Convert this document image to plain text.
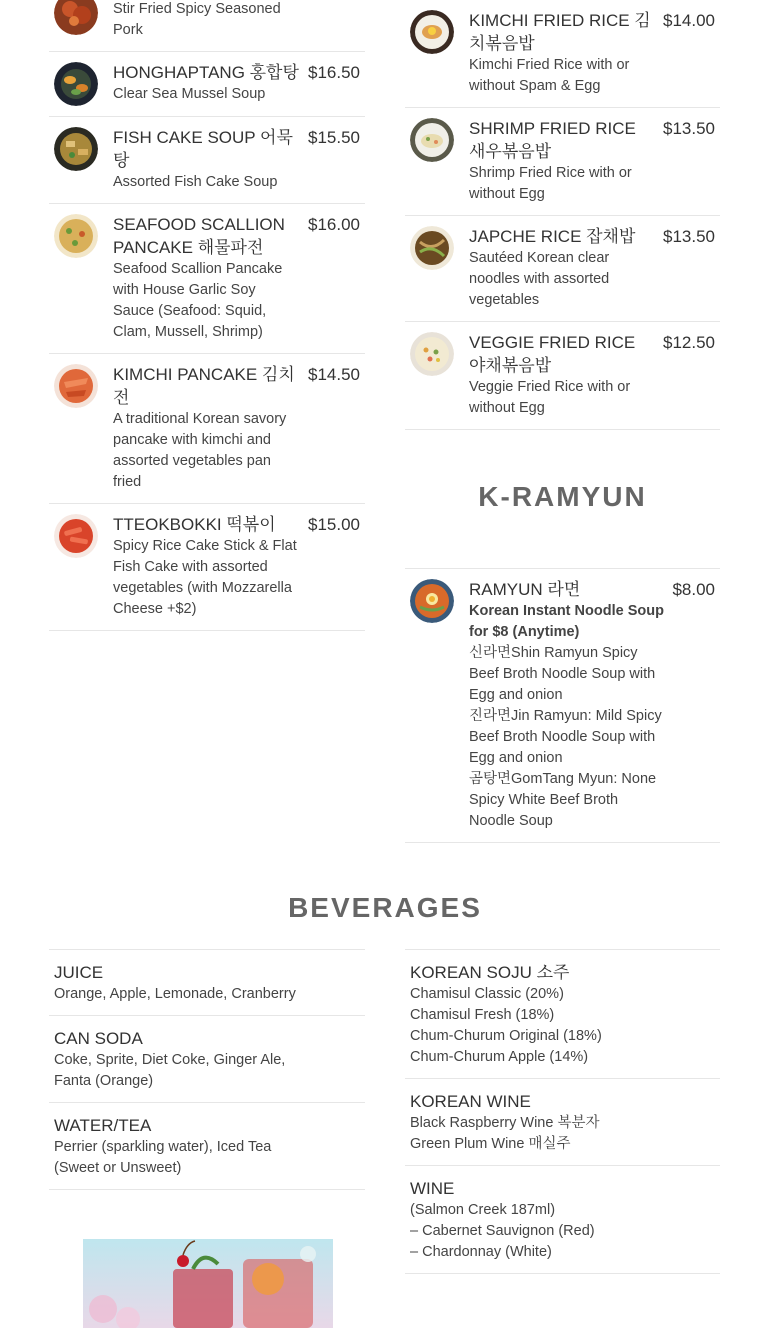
Stir Fried Spicy Seasoned
Pork
HONGHAPTANG 홍합탕
Clear Sea Mussel Soup
$16.50
FISH CAKE SOUP 어묵탕
Assorted Fish Cake Soup
$15.50
SEAFOOD SCALLION PANCAKE 해물파전
Seafood Scallion Pancake with House Garlic Soy Sauce (Seafood: Squid, Clam, Mussell, Shrimp)
$16.00
KIMCHI PANCAKE 김치전
A traditional Korean savory pancake with kimchi and assorted vegetables pan fried
$14.50
TTEOKBOKKI 떡볶이
Spicy Rice Cake Stick & Flat Fish Cake with assorted vegetables (with Mozzarella Cheese +$2)
$15.00
KIMCHI FRIED RICE 김치볶음밥
Kimchi Fried Rice with or without Spam & Egg
$14.00
SHRIMP FRIED RICE 새우볶음밥
Shrimp Fried Rice with or without Egg
$13.50
JAPCHE RICE 잡채밥
Sautéed Korean clear noodles with assorted vegetables
$13.50
VEGGIE FRIED RICE 야채볶음밥
Veggie Fried Rice with or without Egg
$12.50
K-RAMYUN
RAMYUN 라면
Korean Instant Noodle Soup for $8 (Anytime)
신라면Shin Ramyun Spicy Beef Broth Noodle Soup with Egg and onion
진라면Jin Ramyun: Mild Spicy Beef Broth Noodle Soup with Egg and onion
곰탕면GomTang Myun: None Spicy White Beef Broth Noodle Soup
$8.00
BEVERAGES
JUICE
Orange, Apple, Lemonade, Cranberry
CAN SODA
Coke, Sprite, Diet Coke, Ginger Ale,
Fanta (Orange)
WATER/TEA
Perrier (sparkling water), Iced Tea
(Sweet or Unsweet)
KOREAN SOJU 소주
Chamisul Classic (20%)
Chamisul Fresh (18%)
Chum-Churum Original (18%)
Chum-Churum Apple (14%)
KOREAN WINE
Black Raspberry Wine 복분자
Green Plum Wine 매실주
WINE
(Salmon Creek 187ml)
– Cabernet Sauvignon (Red)
– Chardonnay (White)
